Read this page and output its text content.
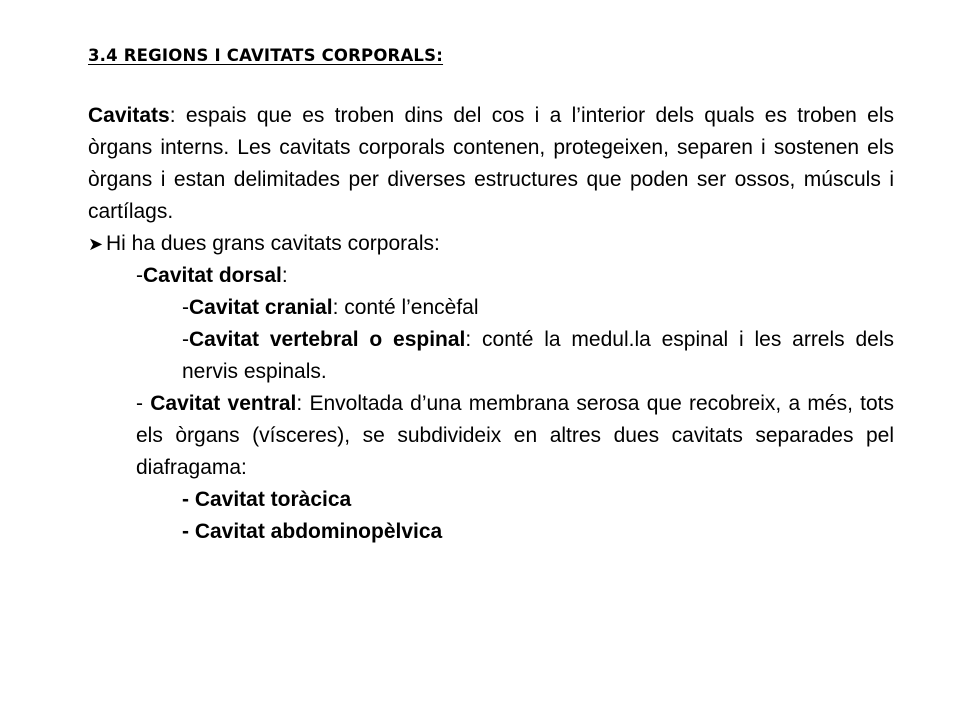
3.4 REGIONS I CAVITATS CORPORALS:

Cavitats: espais que es troben dins del cos i a l’interior dels quals es troben els òrgans interns. Les cavitats corporals contenen, protegeixen, separen i sostenen els òrgans i estan delimitades per diverses estructures que poden ser ossos, músculs i cartílags.

➤ Hi ha dues grans cavitats corporals:

-Cavitat dorsal:

-Cavitat cranial: conté l’encèfal

-Cavitat vertebral o espinal: conté la medul.la espinal i les arrels dels nervis espinals.

- Cavitat ventral: Envoltada d’una membrana serosa que recobreix, a més, tots els òrgans (vísceres), se subdivideix en altres dues cavitats separades pel diafragama:

- Cavitat toràcica

- Cavitat abdominopèlvica
